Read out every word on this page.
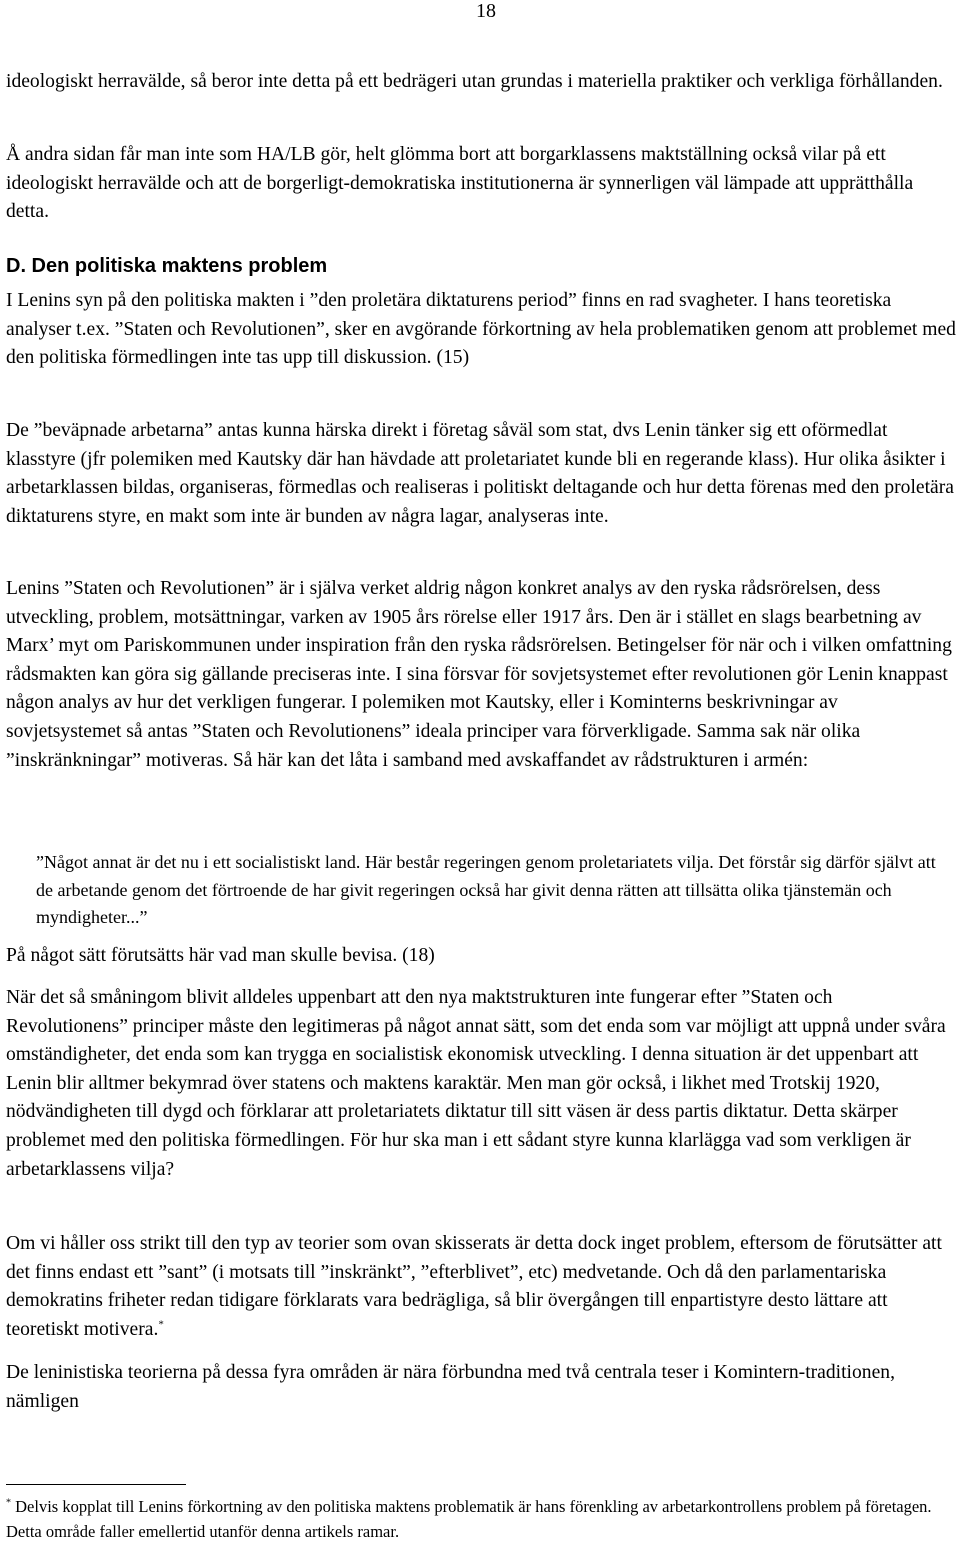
18

ideologiskt herravälde, så beror inte detta på ett bedrägeri utan grundas i materiella praktiker och verkliga förhållanden.

Å andra sidan får man inte som HA/LB gör, helt glömma bort att borgarklassens maktställning också vilar på ett ideologiskt herravälde och att de borgerligt-demokratiska institutionerna är synnerligen väl lämpade att upprätthålla detta.

D. Den politiska maktens problem

I Lenins syn på den politiska makten i ”den proletära diktaturens period” finns en rad svagheter. I hans teoretiska analyser t.ex. ”Staten och Revolutionen”, sker en avgörande förkortning av hela problematiken genom att problemet med den politiska förmedlingen inte tas upp till diskussion. (15)

De ”beväpnade arbetarna” antas kunna härska direkt i företag såväl som stat, dvs Lenin tänker sig ett oförmedlat klasstyre (jfr polemiken med Kautsky där han hävdade att proletariatet kunde bli en regerande klass). Hur olika åsikter i arbetarklassen bildas, organiseras, förmedlas och realiseras i politiskt deltagande och hur detta förenas med den proletära diktaturens styre, en makt som inte är bunden av några lagar, analyseras inte.

Lenins ”Staten och Revolutionen” är i själva verket aldrig någon konkret analys av den ryska rådsrörelsen, dess utveckling, problem, motsättningar, varken av 1905 års rörelse eller 1917 års. Den är i stället en slags bearbetning av Marx’ myt om Pariskommunen under inspiration från den ryska rådsrörelsen. Betingelser för när och i vilken omfattning rådsmakten kan göra sig gällande preciseras inte. I sina försvar för sovjetsystemet efter revolutionen gör Lenin knappast någon analys av hur det verkligen fungerar. I polemiken mot Kautsky, eller i Kominterns beskrivningar av sovjetsystemet så antas ”Staten och Revolutionens” ideala principer vara förverkligade. Samma sak när olika ”inskränkningar” motiveras. Så här kan det låta i samband med avskaffandet av rådstrukturen i armén:

”Något annat är det nu i ett socialistiskt land. Här består regeringen genom proletariatets vilja. Det förstår sig därför självt att de arbetande genom det förtroende de har givit regeringen också har givit denna rätten att tillsätta olika tjänstemän och myndigheter...”

På något sätt förutsätts här vad man skulle bevisa. (18)

När det så småningom blivit alldeles uppenbart att den nya maktstrukturen inte fungerar efter ”Staten och Revolutionens” principer måste den legitimeras på något annat sätt, som det enda som var möjligt att uppnå under svåra omständigheter, det enda som kan trygga en socialistisk ekonomisk utveckling. I denna situation är det uppenbart att Lenin blir alltmer bekymrad över statens och maktens karaktär. Men man gör också, i likhet med Trotskij 1920, nödvändigheten till dygd och förklarar att proletariatets diktatur till sitt väsen är dess partis diktatur. Detta skärper problemet med den politiska förmedlingen. För hur ska man i ett sådant styre kunna klarlägga vad som verkligen är arbetarklassens vilja?

Om vi håller oss strikt till den typ av teorier som ovan skisserats är detta dock inget problem, eftersom de förutsätter att det finns endast ett ”sant” (i motsats till ”inskränkt”, ”efterblivet”, etc) medvetande. Och då den parlamentariska demokratins friheter redan tidigare förklarats vara bedrägliga, så blir övergången till enpartistyre desto lättare att teoretiskt motivera.*

De leninistiska teorierna på dessa fyra områden är nära förbundna med två centrala teser i Komintern-traditionen, nämligen

* Delvis kopplat till Lenins förkortning av den politiska maktens problematik är hans förenkling av arbetarkontrollens problem på företagen. Detta område faller emellertid utanför denna artikels ramar.
